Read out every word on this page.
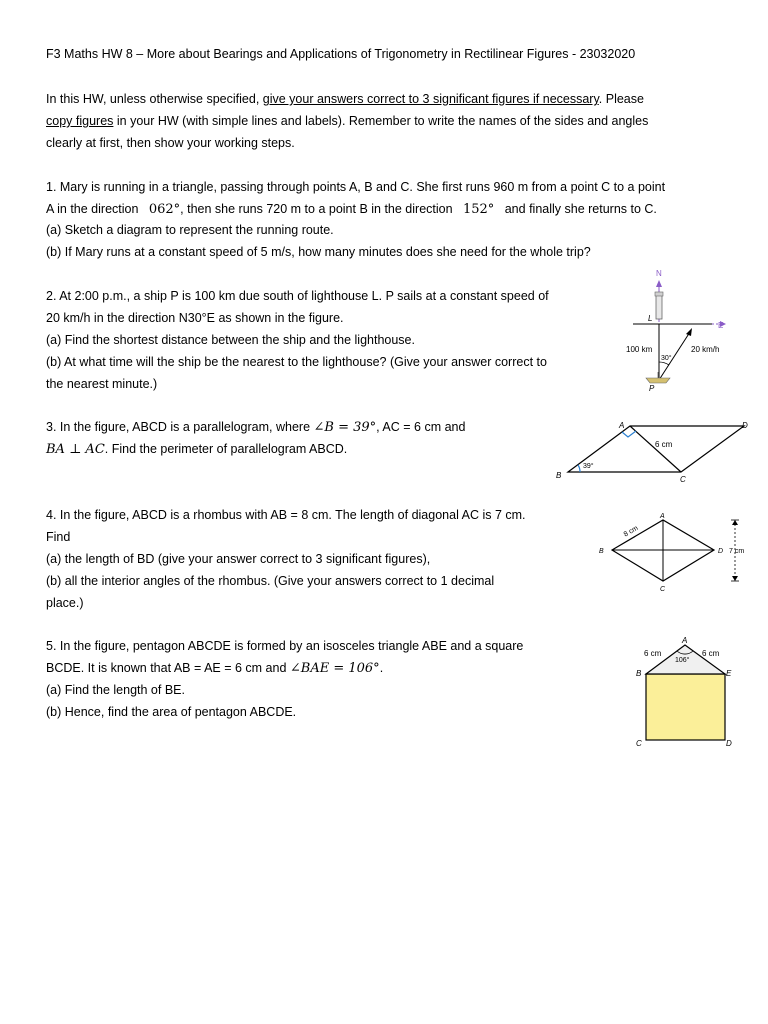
F3 Maths HW 8 – More about Bearings and Applications of Trigonometry in Rectilinear Figures - 23032020
In this HW, unless otherwise specified, give your answers correct to 3 significant figures if necessary. Please
copy figures in your HW (with simple lines and labels). Remember to write the names of the sides and angles
clearly at first, then show your working steps.
1. Mary is running in a triangle, passing through points A, B and C. She first runs 960 m from a point C to a point
A in the direction 062°, then she runs 720 m to a point B in the direction 152° and finally she returns to C.
(a) Sketch a diagram to represent the running route.
(b) If Mary runs at a constant speed of 5 m/s, how many minutes does she need for the whole trip?
2. At 2:00 p.m., a ship P is 100 km due south of lighthouse L. P sails at a constant speed of
20 km/h in the direction N30°E as shown in the figure.
(a) Find the shortest distance between the ship and the lighthouse.
(b) At what time will the ship be the nearest to the lighthouse? (Give your answer correct to
the nearest minute.)
N
L
E
30°
100 km	20 km/h
P
3. In the figure, ABCD is a parallelogram, where ∠B = 39°, AC = 6 cm and
BA ⊥ AC. Find the perimeter of parallelogram ABCD.
39°
A
B	C
D
6 cm
4. In the figure, ABCD is a rhombus with AB = 8 cm. The length of diagonal AC is 7 cm.
Find
(a) the length of BD (give your answer correct to 3 significant figures),
(b) all the interior angles of the rhombus. (Give your answers correct to 1 decimal
place.)
A
B
C
D
8 cm
7 cm
5. In the figure, pentagon ABCDE is formed by an isosceles triangle ABE and a square
BCDE. It is known that AB = AE = 6 cm and ∠BAE = 106°.
(a) Find the length of BE.
(b) Hence, find the area of pentagon ABCDE.
106°
A
B
C	D
E
6 cm	6 cm
